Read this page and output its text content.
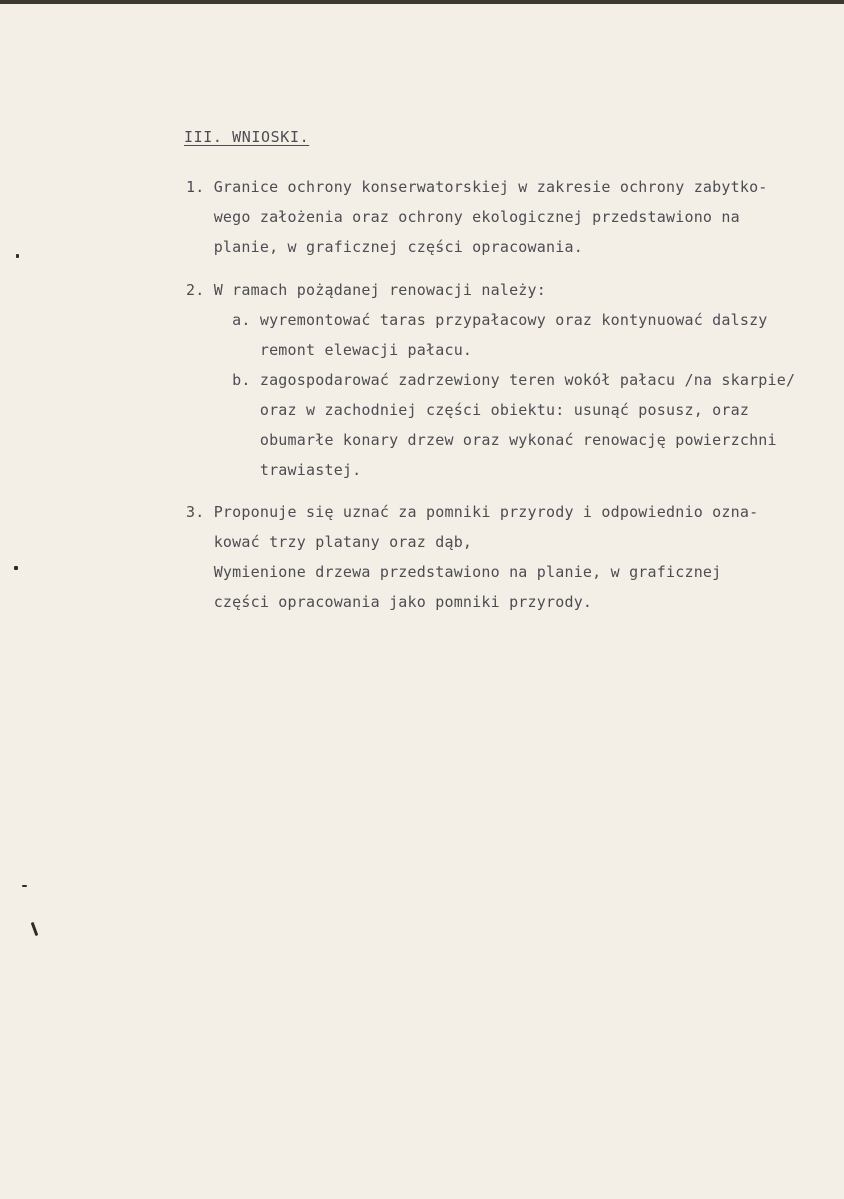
III. WNIOSKI.
1. Granice ochrony konserwatorskiej w zakresie ochrony zabytko-
wego założenia oraz ochrony ekologicznej przedstawiono na
planie, w graficznej części opracowania.
2. W ramach pożądanej renowacji należy:
a. wyremontować taras przypałacowy oraz kontynuować dalszy
remont elewacji pałacu.
b. zagospodarować zadrzewiony teren wokół pałacu /na skarpie/
oraz w zachodniej części obiektu: usunąć posusz, oraz
obumarłe konary drzew oraz wykonać renowację powierzchni
trawiastej.
3. Proponuje się uznać za pomniki przyrody i odpowiednio ozna-
kować trzy platany oraz dąb,
Wymienione drzewa przedstawiono na planie, w graficznej
części opracowania jako pomniki przyrody.
